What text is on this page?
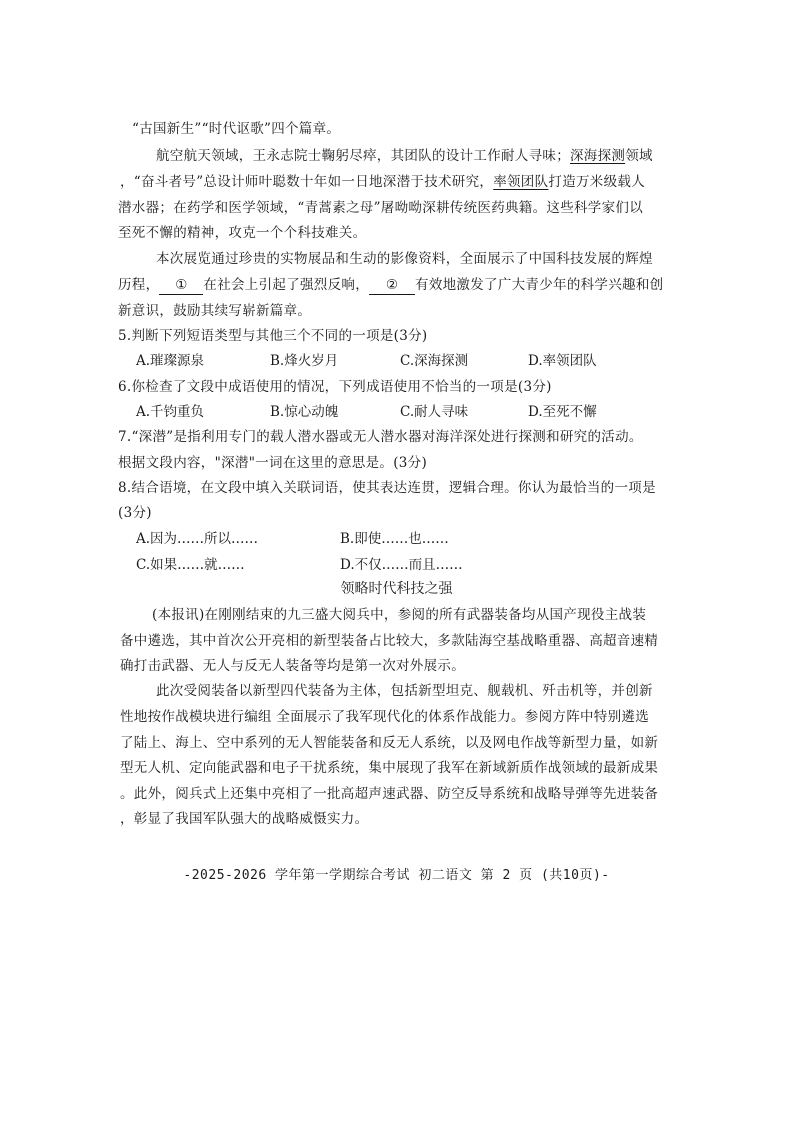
“古国新生”“时代讴歌”四个篇章。
航空航天领域，王永志院士鞠躬尽瘁，其团队的设计工作耐人寻味；深海探测领域
，“奋斗者号”总设计师叶聪数十年如一日地深潜于技术研究，率领团队打造万米级载人
潜水器；在药学和医学领域，“青蒿素之母”屠呦呦深耕传统医药典籍。这些科学家们以
至死不懈的精神，攻克一个个科技难关。
本次展览通过珍贵的实物展品和生动的影像资料，全面展示了中国科技发展的辉煌
历程， ① 在社会上引起了强烈反响， ② 有效地激发了广大青少年的科学兴趣和创
新意识，鼓励其续写崭新篇章。
5.判断下列短语类型与其他三个不同的一项是(3分)
A.璀璨源泉	B.烽火岁月	C.深海探测	D.率领团队
6.你检查了文段中成语使用的情况，下列成语使用不恰当的一项是(3分)
A.千钧重负	B.惊心动魄	C.耐人寻味	D.至死不懈
7.“深潜”是指利用专门的载人潜水器或无人潜水器对海洋深处进行探测和研究的活动。
根据文段内容，"深潜"一词在这里的意思是。(3分)
8.结合语境，在文段中填入关联词语，使其表达连贯，逻辑合理。你认为最恰当的一项是
(3分)
A.因为……所以……	B.即使……也……
C.如果……就……	D.不仅……而且……
领略时代科技之强
(本报讯)在刚刚结束的九三盛大阅兵中，参阅的所有武器装备均从国产现役主战装
备中遴选，其中首次公开亮相的新型装备占比较大，多款陆海空基战略重器、高超音速精
确打击武器、无人与反无人装备等均是第一次对外展示。
此次受阅装备以新型四代装备为主体，包括新型坦克、舰载机、歼击机等，并创新
性地按作战模块进行编组 全面展示了我军现代化的体系作战能力。参阅方阵中特别遴选
了陆上、海上、空中系列的无人智能装备和反无人系统，以及网电作战等新型力量，如新
型无人机、定向能武器和电子干扰系统，集中展现了我军在新域新质作战领域的最新成果
。此外，阅兵式上还集中亮相了一批高超声速武器、防空反导系统和战略导弹等先进装备
，彰显了我国军队强大的战略威慑实力。
-2025-2026 学年第一学期综合考试 初二语文 第 2 页 (共10页)-
